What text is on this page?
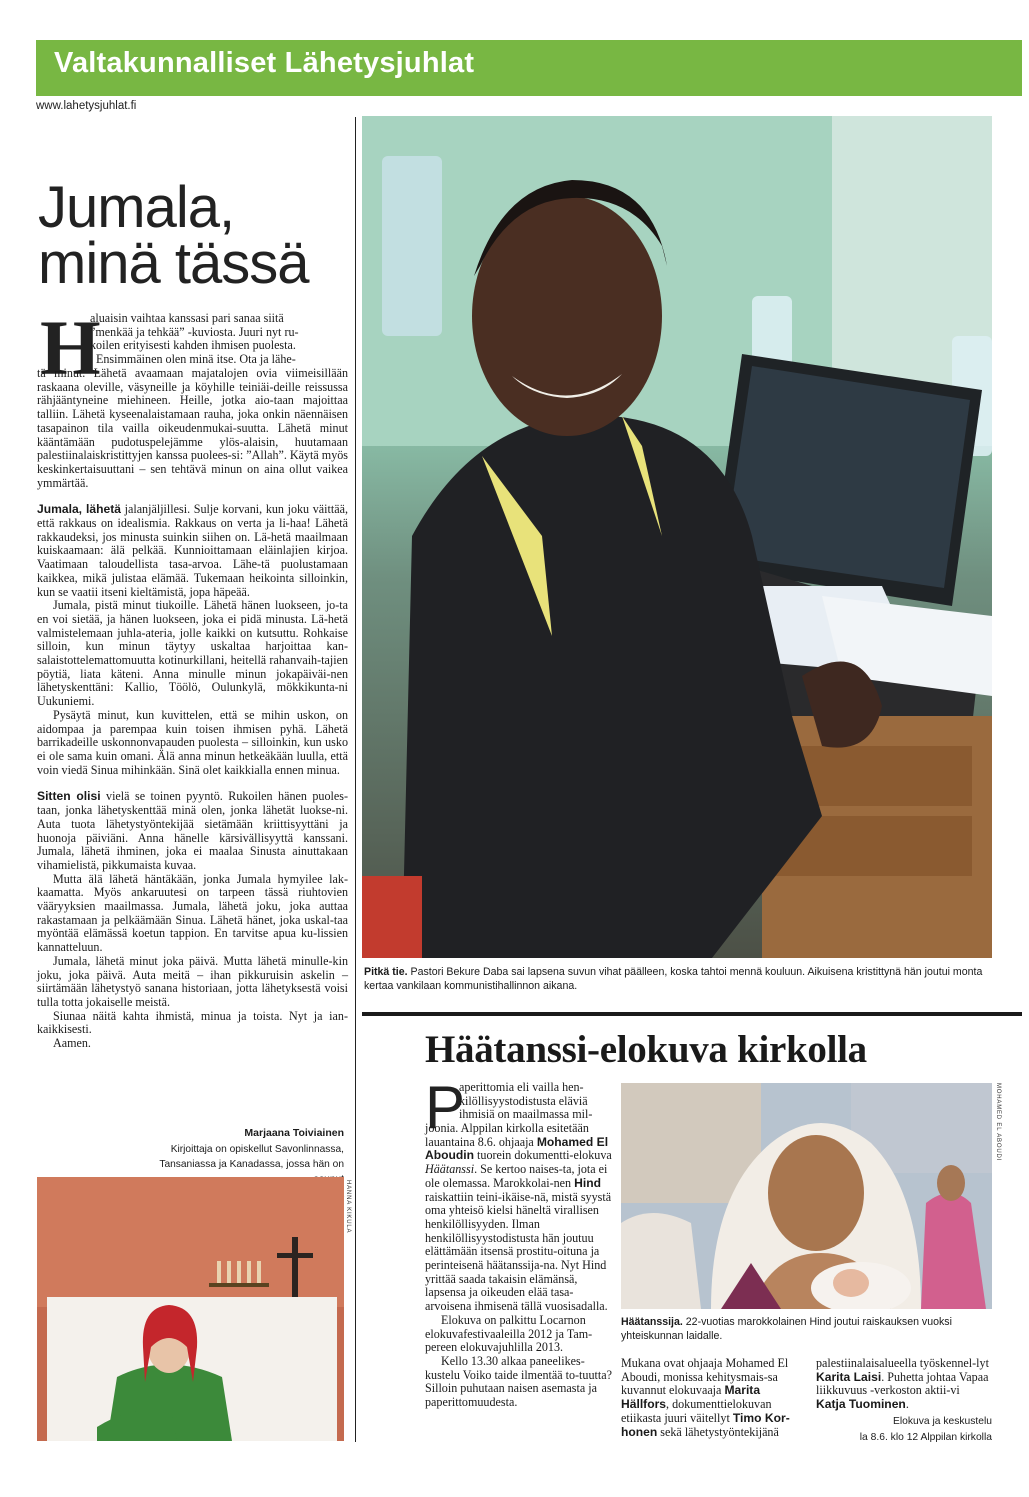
Valtakunnalliset Lähetysjuhlat
www.lahetysjuhlat.fi
Pitkä tie. Pastori Bekure Daba sai lapsena suvun vihat päälleen, koska tahtoi mennä kouluun. Aikuisena kristittynä hän joutui monta kertaa vankilaan kommunistihallinnon aikana.
Jumala,
minä tässä
H
aluaisin vaihtaa kanssasi pari sanaa siitä
”menkää ja tehkää” -kuviosta. Juuri nyt ru-
koilen erityisesti kahden ihmisen puolesta.
Ensimmäinen olen minä itse. Ota ja lähe-

tä minut. Lähetä avaamaan majatalojen ovia viimeisillään raskaana oleville, väsyneille ja köyhille teiniäi-deille reissussa rähjääntyneine miehineen. Heille, jotka aio-taan majoittaa talliin. Lähetä kyseenalaistamaan rauha, joka onkin näennäisen tasapainon tila vailla oikeudenmukai-suutta. Lähetä minut kääntämään pudotuspelejämme ylös-alaisin, huutamaan palestiinalaiskristittyjen kanssa puolees-si: ”Allah”. Käytä myös keskinkertaisuuttani – sen tehtävä minun on aina ollut vaikea ymmärtää.

Jumala, lähetä jalanjäljillesi. Sulje korvani, kun joku väittää, että rakkaus on idealismia. Rakkaus on verta ja li-haa! Lähetä rakkaudeksi, jos minusta suinkin siihen on. Lä-hetä maailmaan kuiskaamaan: älä pelkää. Kunnioittamaan eläinlajien kirjoa. Vaatimaan taloudellista tasa-arvoa. Lähe-tä puolustamaan kaikkea, mikä julistaa elämää. Tukemaan heikointa silloinkin, kun se vaatii itseni kieltämistä, jopa häpeää.

Jumala, pistä minut tiukoille. Lähetä hänen luokseen, jo-ta en voi sietää, ja hänen luokseen, joka ei pidä minusta. Lä-hetä valmistelemaan juhla-ateria, jolle kaikki on kutsuttu. Rohkaise silloin, kun minun täytyy uskaltaa harjoittaa kan-salaistottelemattomuutta kotinurkillani, heitellä rahanvaih-tajien pöytiä, liata käteni. Anna minulle minun jokapäiväi-nen lähetyskenttäni: Kallio, Töölö, Oulunkylä, mökkikunta-ni Uukuniemi.

Pysäytä minut, kun kuvittelen, että se mihin uskon, on aidompaa ja parempaa kuin toisen ihmisen pyhä. Lähetä barrikadeille uskonnonvapauden puolesta – silloinkin, kun usko ei ole sama kuin omani. Älä anna minun hetkeäkään luulla, että voin viedä Sinua mihinkään. Sinä olet kaikkialla ennen minua.

Sitten olisi vielä se toinen pyyntö. Rukoilen hänen puoles-taan, jonka lähetyskenttää minä olen, jonka lähetät luokse-ni. Auta tuota lähetystyöntekijää sietämään kriittisyyttäni ja huonoja päiviäni. Anna hänelle kärsivällisyyttä kanssani. Jumala, lähetä ihminen, joka ei maalaa Sinusta ainuttakaan vihamielistä, pikkumaista kuvaa.

Mutta älä lähetä häntäkään, jonka Jumala hymyilee lak-kaamatta. Myös ankaruutesi on tarpeen tässä riuhtovien vääryyksien maailmassa. Jumala, lähetä joku, joka auttaa rakastamaan ja pelkäämään Sinua. Lähetä hänet, joka uskal-taa myöntää elämässä koetun tappion. En tarvitse apua ku-lissien kannatteluun.

Jumala, lähetä minut joka päivä. Mutta lähetä minulle-kin joku, joka päivä. Auta meitä – ihan pikkuruisin askelin – siirtämään lähetystyö sanana historiaan, jotta lähetyksestä voisi tulla totta jokaiselle meistä.

Siunaa näitä kahta ihmistä, minua ja toista. Nyt ja ian-kaikkisesti.

Aamen.

Marjaana Toiviainen
Kirjoittaja on opiskellut Savonlinnassa,
Tansaniassa ja Kanadassa, jossa hän on
HANNA KIKULA
Häätanssi-elokuva kirkolla
P
aperittomia eli vailla hen-
kilöllisyystodistusta eläviä
ihmisiä on maailmassa mil-

joonia. Alppilan kirkolla esitetään lauantaina 8.6. ohjaaja Mohamed El Aboudin tuorein dokumentti-elokuva Häätanssi. Se kertoo naises-ta, jota ei ole olemassa. Marokkolai-nen Hind raiskattiin teini-ikäise-nä, mistä syystä oma yhteisö kielsi häneltä virallisen henkilöllisyyden. Ilman henkilöllisyystodistusta hän joutuu elättämään itsensä prostitu-oituna ja perinteisenä häätanssija-na. Nyt Hind yrittää saada takaisin elämänsä, lapsensa ja oikeuden elää tasa-arvoisena ihmisenä tällä vuosisadalla.

Elokuva on palkittu Locarnon elokuvafestivaaleilla 2012 ja Tam-pereen elokuvajuhlilla 2013.

Kello 13.30 alkaa paneelikes-kustelu Voiko taide ilmentää to-tuutta? Silloin puhutaan naisen asemasta ja paperittomuudesta.

MOHAMED EL ABOUDI
Häätanssija. 22-vuotias marokkolainen Hind joutui raiskauksen vuoksi yhteiskunnan laidalle.

Mukana ovat ohjaaja Mohamed El Aboudi, monissa kehitysmais-sa kuvannut elokuvaaja Marita Hällfors, dokumenttielokuvan etiikasta juuri väitellyt Timo Kor-honen sekä lähetystyöntekijänä

palestiinalaisalueella työskennel-lyt Karita Laisi. Puhetta johtaa Vapaa liikkuvuus -verkoston aktii-vi Katja Tuominen.

Elokuva ja keskustelu
la 8.6. klo 12 Alppilan kirkolla
